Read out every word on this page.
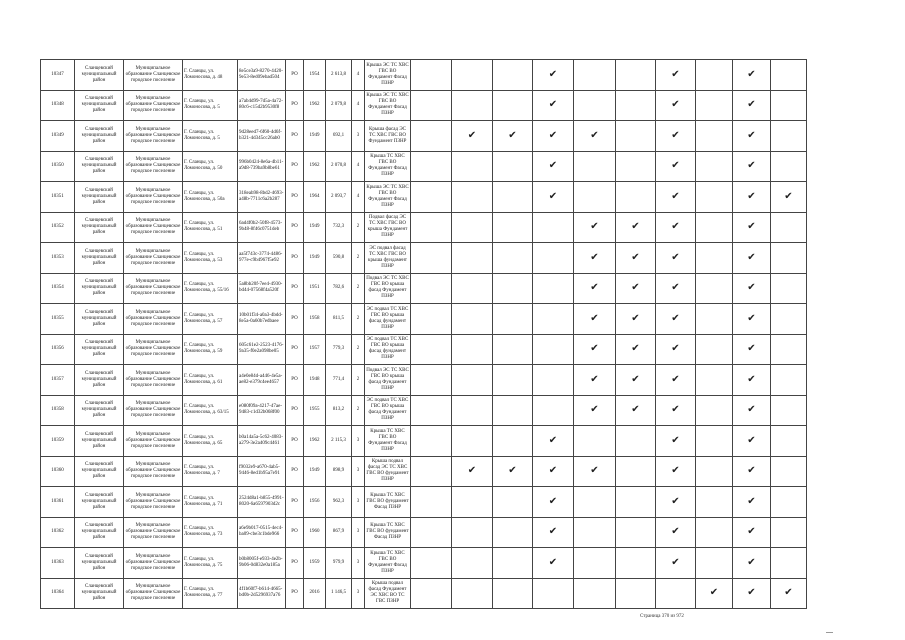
10347	Сланцевский муниципальный район	Муниципальное образование Сланцевское городское поселение	Г. Сланцы, ул. Ломоносова, д. 48	8e5ce3a9-8270-4420-9e53-8ed09ebad504	РО	1954	2 613,8	4	Крыша ЭС ТС ХВС ГВС ВО Фундамент Фасад ПЗНР				✔			✔		✔	
10348	Сланцевский муниципальный район	Муниципальное образование Сланцевское городское поселение	Г. Сланцы, ул. Ломоносова, д. 5	a7ab4d99-7d5a-4a72-80c6-c15d2b9530f8	РО	1962	2 079,8	4	Крыша ЭС ТС ХВС ГВС ВО Фундамент Фасад ПЗНР				✔			✔		✔	
10349	Сланцевский муниципальный район	Муниципальное образование Сланцевское городское поселение	Г. Сланцы, ул. Ломоносова, д. 5	9d28eed7-6f60-4d6f-b321-4d345cc26ab0	РО	1949	692,1	3	Крыша фасад ЭС ТС ХВС ГВС ВО Фундамент ПЗНР		✔	✔	✔	✔		✔		✔	
10350	Сланцевский муниципальный район	Муниципальное образование Сланцевское городское поселение	Г. Сланцы, ул. Ломоносова, д. 50	996b0424-8e6a-4b11-a9d8-739ba9b8be61	РО	1962	2 070,8	4	Крыша ТС ХВС ГВС ВО Фундамент Фасад ПЗНР				✔			✔		✔	
10351	Сланцевский муниципальный район	Муниципальное образование Сланцевское городское поселение	Г. Сланцы, ул. Ломоносова, д. 50а	318eab98-8bd2-4693-a48b-7711c6a2b287	РО	1964	2 093,7	4	Крыша ЭС ТС ХВС ГВС ВО Фундамент Фасад ПЗНР				✔			✔		✔	✔
10352	Сланцевский муниципальный район	Муниципальное образование Сланцевское городское поселение	Г. Сланцы, ул. Ломоносова, д. 51	6ad4f0b2-50f8-4573-9b48-8f46c0751deb	РО	1949	732,3	2	Подвал фасад ЭС ТС ХВС ГВС ВО крыша Фундамент ПЗНР					✔	✔	✔		✔	
10353	Сланцевский муниципальный район	Муниципальное образование Сланцевское городское поселение	Г. Сланцы, ул. Ломоносова, д. 53	aa5f743c-3774-4486-977e-c9b4967f5e92	РО	1949	590,8	2	ЭС подвал фасад ТС ХВС ГВС ВО крыша фундамент ПЗНР					✔	✔	✔		✔	
10354	Сланцевский муниципальный район	Муниципальное образование Сланцевское городское поселение	Г. Сланцы, ул. Ломоносова, д. 55/16	5a8bb20f-7ee4-4930-bd44-07568f4a520f	РО	1951	782,6	2	Подвал ЭС ТС ХВС ГВС ВО крыша фасад Фундамент ПЗНР					✔	✔	✔		✔	
10355	Сланцевский муниципальный район	Муниципальное образование Сланцевское городское поселение	Г. Сланцы, ул. Ломоносова, д. 57	10b01f34-a0a3-4bdd-8e5a-0a60b7edbaee	РО	1958	811,5	2	ЭС подвал ТС ХВС ГВС ВО крыша фасад фундамент ПЗНР					✔	✔	✔		✔	
10356	Сланцевский муниципальный район	Муниципальное образование Сланцевское городское поселение	Г. Сланцы, ул. Ломоносова, д. 59	605c61e2-2523-4176-9a35-f0e2a098be05	РО	1957	779,3	2	ЭС подвал ТС ХВС ГВС ВО крыша фасад фундамент ПЗНР					✔	✔	✔		✔	
10357	Сланцевский муниципальный район	Муниципальное образование Сланцевское городское поселение	Г. Сланцы, ул. Ломоносова, д. 61	a4e0e84d-a446-4e5a-ae82-e379c4ee4657	РО	1948	771,4	2	Подвал ЭС ТС ХВС ГВС ВО крыша фасад Фундамент ПЗНР					✔	✔	✔		✔	
10358	Сланцевский муниципальный район	Муниципальное образование Сланцевское городское поселение	Г. Сланцы, ул. Ломоносова, д. 63/15	e080f09a-4217-47ae-9483-c1d32b068f00	РО	1955	813,2	2	ЭС подвал ТС ХВС ГВС ВО крыша фасад Фундамент ПЗНР					✔	✔	✔		✔	
10359	Сланцевский муниципальный район	Муниципальное образование Сланцевское городское поселение	Г. Сланцы, ул. Ломоносова, д. 65	b0a14a5a-5c62-4083-a279-3e2a409c4461	РО	1962	2 115,3	3	Крыша ТС ХВС ГВС ВО Фундамент Фасад ПЗНР				✔			✔		✔	
10360	Сланцевский муниципальный район	Муниципальное образование Сланцевское городское поселение	Г. Сланцы, ул. Ломоносова, д. 7	f9032e9-a670-4ab5-9446-8ed1b95a7e91	РО	1949	898,9	3	Крыша подвал фасад ЭС ТС ХВС ГВС ВО фундамент ПЗНР		✔	✔	✔	✔		✔		✔	
10361	Сланцевский муниципальный район	Муниципальное образование Сланцевское городское поселение	Г. Сланцы, ул. Ломоносова, д. 71	2524d8a1-b855-4991-8020-6a6597903d2c	РО	1956	962,3	3	Крыша ТС ХВС ГВС ВО фундамент Фасад ПЗНР				✔			✔		✔	
10362	Сланцевский муниципальный район	Муниципальное образование Сланцевское городское поселение	Г. Сланцы, ул. Ломоносова, д. 73	a6e9b017-0515-4ec4-ba09-cbe3c1bde966	РО	1960	867,9	3	Крыша ТС ХВС ГВС ВО фундамент Фасад ПЗНР				✔			✔		✔	
10363	Сланцевский муниципальный район	Муниципальное образование Сланцевское городское поселение	Г. Сланцы, ул. Ломоносова, д. 75	b0b8005f-e933-4e2b-9b06-0d832e0a185a	РО	1959	979,9	3	Крыша ТС ХВС ГВС ВО Фундамент Фасад ПЗНР				✔			✔		✔	
10364	Сланцевский муниципальный район	Муниципальное образование Сланцевское городское поселение	Г. Сланцы, ул. Ломоносова, д. 77	4f1b60f7-b614-4665-bd0b-2d5296937a76	РО	2016	1 146,5	3	Крыша подвал фасад Фундамент ЭС ХВС ВО ТС ГВС ПЗНР								✔	✔	✔
Страница 370 из 972
